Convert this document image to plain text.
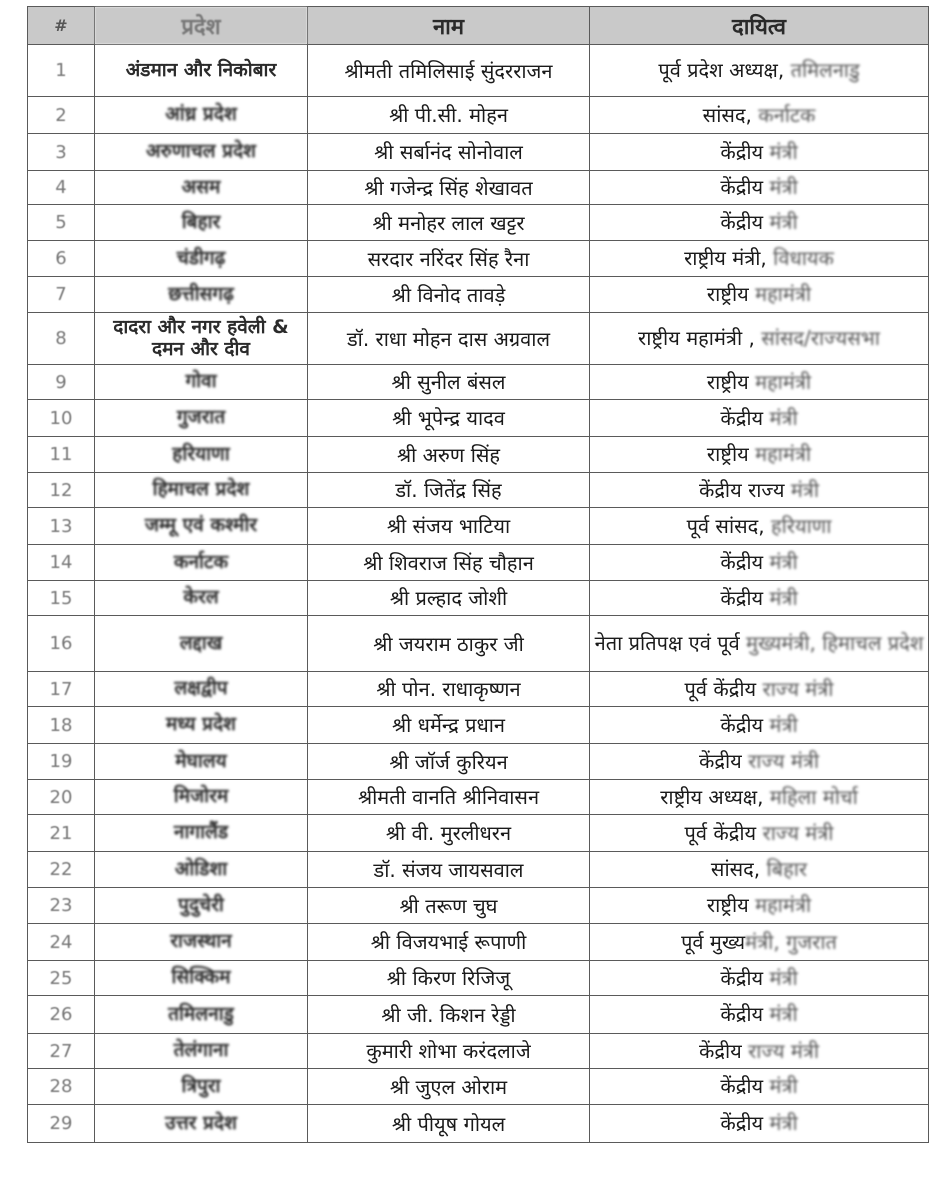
#	प्रदेश	नाम	दायित्व
1	अंडमान और निकोबार	श्रीमती तमिलिसाई सुंदरराजन	पूर्व प्रदेश अध्यक्ष, तमिलनाडु
2	आंध्र प्रदेश	श्री पी.सी. मोहन	सांसद, कर्नाटक
3	अरुणाचल प्रदेश	श्री सर्बानंद सोनोवाल	केंद्रीय मंत्री
4	असम	श्री गजेन्द्र सिंह शेखावत	केंद्रीय मंत्री
5	बिहार	श्री मनोहर लाल खट्टर	केंद्रीय मंत्री
6	चंडीगढ़	सरदार नरिंदर सिंह रैना	राष्ट्रीय मंत्री, विधायक
7	छत्तीसगढ़	श्री विनोद तावड़े	राष्ट्रीय महामंत्री
8	दादरा और नगर हवेली & दमन और दीव	डॉ. राधा मोहन दास अग्रवाल	राष्ट्रीय महामंत्री , सांसद/राज्यसभा
9	गोवा	श्री सुनील बंसल	राष्ट्रीय महामंत्री
10	गुजरात	श्री भूपेन्द्र यादव	केंद्रीय मंत्री
11	हरियाणा	श्री अरुण सिंह	राष्ट्रीय महामंत्री
12	हिमाचल प्रदेश	डॉ. जितेंद्र सिंह	केंद्रीय राज्य मंत्री
13	जम्मू एवं कश्मीर	श्री संजय भाटिया	पूर्व सांसद, हरियाणा
14	कर्नाटक	श्री शिवराज सिंह चौहान	केंद्रीय मंत्री
15	केरल	श्री प्रल्हाद जोशी	केंद्रीय मंत्री
16	लद्दाख	श्री जयराम ठाकुर जी	नेता प्रतिपक्ष एवं पूर्व मुख्यमंत्री, हिमाचल प्रदेश
17	लक्षद्वीप	श्री पोन. राधाकृष्णन	पूर्व केंद्रीय राज्य मंत्री
18	मध्य प्रदेश	श्री धर्मेन्द्र प्रधान	केंद्रीय मंत्री
19	मेघालय	श्री जॉर्ज कुरियन	केंद्रीय राज्य मंत्री
20	मिजोरम	श्रीमती वानति श्रीनिवासन	राष्ट्रीय अध्यक्ष, महिला मोर्चा
21	नागालैंड	श्री वी. मुरलीधरन	पूर्व केंद्रीय राज्य मंत्री
22	ओडिशा	डॉ. संजय जायसवाल	सांसद, बिहार
23	पुदुचेरी	श्री तरूण चुघ	राष्ट्रीय महामंत्री
24	राजस्थान	श्री विजयभाई रूपाणी	पूर्व मुख्यमंत्री, गुजरात
25	सिक्किम	श्री किरण रिजिजू	केंद्रीय मंत्री
26	तमिलनाडु	श्री जी. किशन रेड्डी	केंद्रीय मंत्री
27	तेलंगाना	कुमारी शोभा करंदलाजे	केंद्रीय राज्य मंत्री
28	त्रिपुरा	श्री जुएल ओराम	केंद्रीय मंत्री
29	उत्तर प्रदेश	श्री पीयूष गोयल	केंद्रीय मंत्री
